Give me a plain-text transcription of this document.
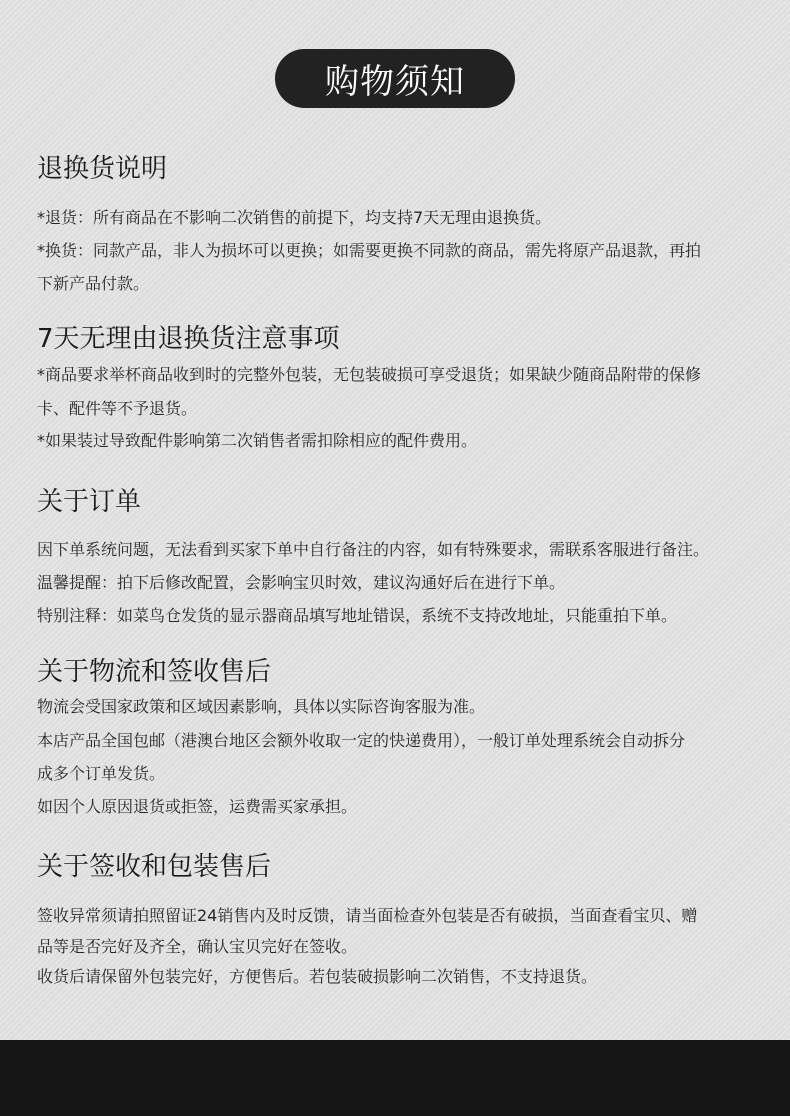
购物须知
退换货说明
*退货：所有商品在不影响二次销售的前提下，均支持7天无理由退换货。
*换货：同款产品，非人为损坏可以更换；如需要更换不同款的商品，需先将原产品退款，再拍
下新产品付款。
7天无理由退换货注意事项
*商品要求举杯商品收到时的完整外包装，无包装破损可享受退货；如果缺少随商品附带的保修
卡、配件等不予退货。
*如果装过导致配件影响第二次销售者需扣除相应的配件费用。
关于订单
因下单系统问题，无法看到买家下单中自行备注的内容，如有特殊要求，需联系客服进行备注。
温馨提醒：拍下后修改配置，会影响宝贝时效，建议沟通好后在进行下单。
特别注释：如菜鸟仓发货的显示器商品填写地址错误，系统不支持改地址，只能重拍下单。
关于物流和签收售后
物流会受国家政策和区域因素影响，具体以实际咨询客服为准。
本店产品全国包邮（港澳台地区会额外收取一定的快递费用），一般订单处理系统会自动拆分
成多个订单发货。
如因个人原因退货或拒签，运费需买家承担。
关于签收和包装售后
签收异常须请拍照留证24销售内及时反馈，请当面检查外包装是否有破损，当面查看宝贝、赠
品等是否完好及齐全，确认宝贝完好在签收。
收货后请保留外包装完好，方便售后。若包装破损影响二次销售，不支持退货。
